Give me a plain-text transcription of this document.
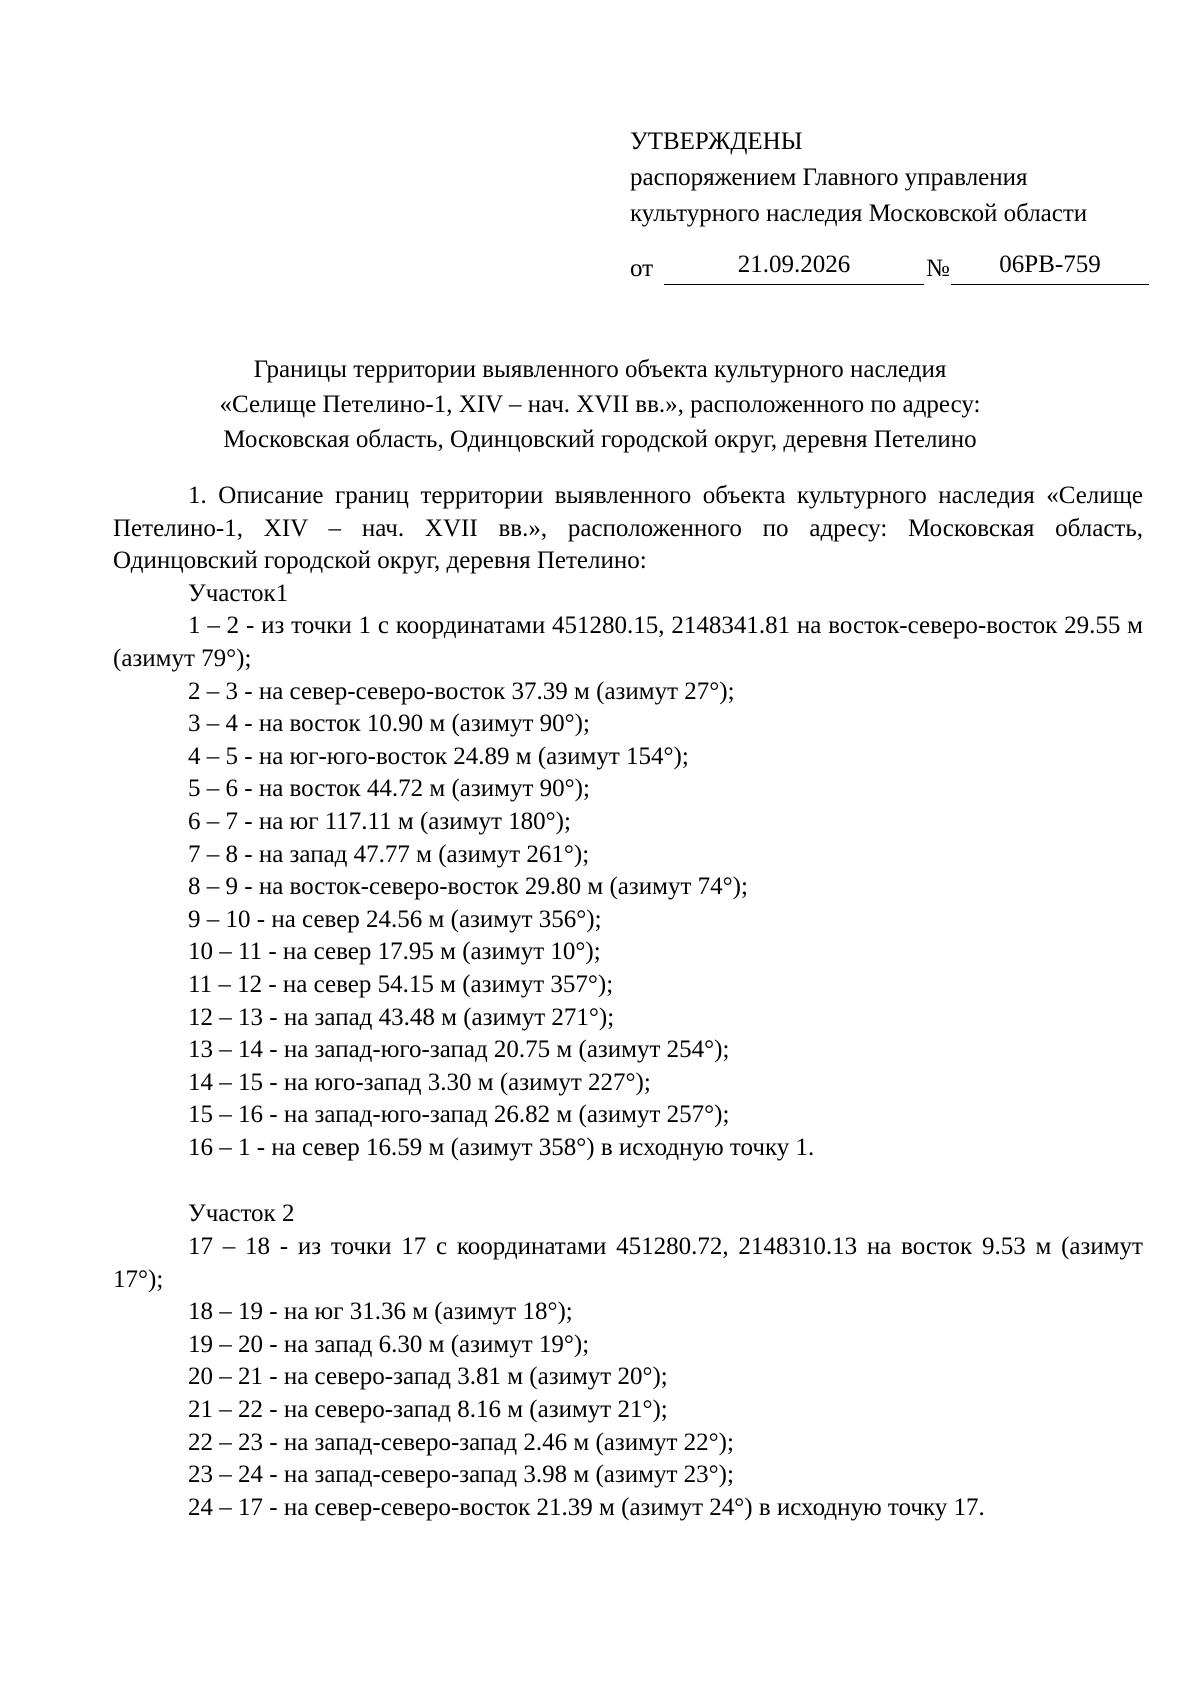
УТВЕРЖДЕНЫ
распоряжением Главного управления
культурного наследия Московской области
от	21.09.2026	№	06РВ-759
Границы территории выявленного объекта культурного наследия
«Селище Петелино-1, XIV – нач. XVII вв.», расположенного по адресу:
Московская область, Одинцовский городской округ, деревня Петелино

1. Описание границ территории выявленного объекта культурного наследия «Селище Петелино-1, XIV – нач. XVII вв.», расположенного по адресу: Московская область, Одинцовский городской округ, деревня Петелино:

Участок1

1 – 2 - из точки 1 с координатами 451280.15, 2148341.81 на восток-северо-восток 29.55 м (азимут 79°);

2 – 3 - на север-северо-восток 37.39 м (азимут 27°);

3 – 4 - на восток 10.90 м (азимут 90°);

4 – 5 - на юг-юго-восток 24.89 м (азимут 154°);

5 – 6 - на восток 44.72 м (азимут 90°);

6 – 7 - на юг 117.11 м (азимут 180°);

7 – 8 - на запад 47.77 м (азимут 261°);

8 – 9 - на восток-северо-восток 29.80 м (азимут 74°);

9 – 10 - на север 24.56 м (азимут 356°);

10 – 11 - на север 17.95 м (азимут 10°);

11 – 12 - на север 54.15 м (азимут 357°);

12 – 13 - на запад 43.48 м (азимут 271°);

13 – 14 - на запад-юго-запад 20.75 м (азимут 254°);

14 – 15 - на юго-запад 3.30 м (азимут 227°);

15 – 16 - на запад-юго-запад 26.82 м (азимут 257°);

16 – 1 - на север 16.59 м (азимут 358°) в исходную точку 1.

Участок 2

17 – 18 - из точки 17 с координатами 451280.72, 2148310.13 на восток 9.53 м (азимут 17°);

18 – 19 - на юг 31.36 м (азимут 18°);

19 – 20 - на запад 6.30 м (азимут 19°);

20 – 21 - на северо-запад 3.81 м (азимут 20°);

21 – 22 - на северо-запад 8.16 м (азимут 21°);

22 – 23 - на запад-северо-запад 2.46 м (азимут 22°);

23 – 24 - на запад-северо-запад 3.98 м (азимут 23°);

24 – 17 - на север-северо-восток 21.39 м (азимут 24°) в исходную точку 17.
